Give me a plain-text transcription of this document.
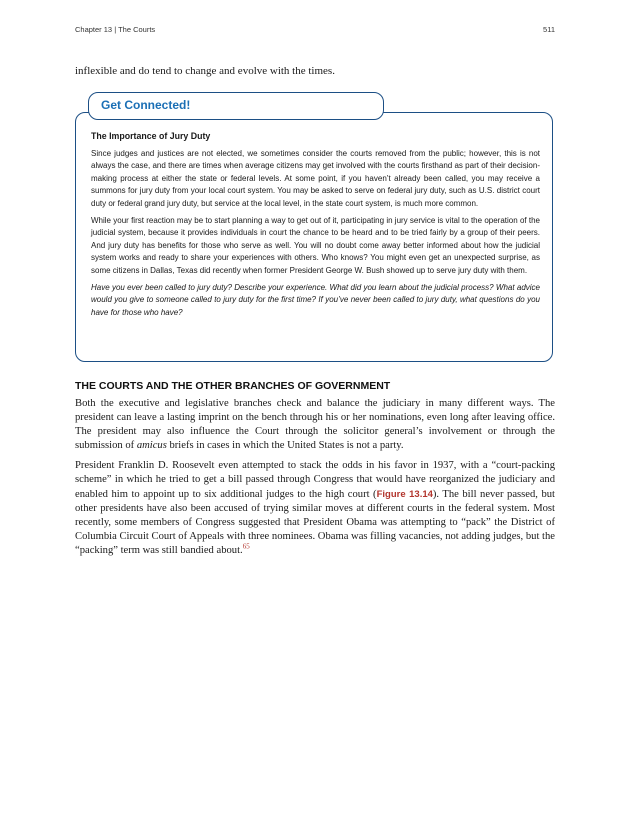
Chapter 13 | The Courts	511
inflexible and do tend to change and evolve with the times.
Get Connected!
The Importance of Jury Duty

Since judges and justices are not elected, we sometimes consider the courts removed from the public; however, this is not always the case, and there are times when average citizens may get involved with the courts firsthand as part of their decision-making process at either the state or federal levels. At some point, if you haven’t already been called, you may receive a summons for jury duty from your local court system. You may be asked to serve on federal jury duty, such as U.S. district court duty or federal grand jury duty, but service at the local level, in the state court system, is much more common.

While your first reaction may be to start planning a way to get out of it, participating in jury service is vital to the operation of the judicial system, because it provides individuals in court the chance to be heard and to be tried fairly by a group of their peers. And jury duty has benefits for those who serve as well. You will no doubt come away better informed about how the judicial system works and ready to share your experiences with others. Who knows? You might even get an unexpected surprise, as some citizens in Dallas, Texas did recently when former President George W. Bush showed up to serve jury duty with them.

Have you ever been called to jury duty? Describe your experience. What did you learn about the judicial process? What advice would you give to someone called to jury duty for the first time? If you’ve never been called to jury duty, what questions do you have for those who have?

THE COURTS AND THE OTHER BRANCHES OF GOVERNMENT

Both the executive and legislative branches check and balance the judiciary in many different ways. The president can leave a lasting imprint on the bench through his or her nominations, even long after leaving office. The president may also influence the Court through the solicitor general’s involvement or through the submission of amicus briefs in cases in which the United States is not a party.

President Franklin D. Roosevelt even attempted to stack the odds in his favor in 1937, with a “court-packing scheme” in which he tried to get a bill passed through Congress that would have reorganized the judiciary and enabled him to appoint up to six additional judges to the high court (Figure 13.14). The bill never passed, but other presidents have also been accused of trying similar moves at different courts in the federal system. Most recently, some members of Congress suggested that President Obama was attempting to “pack” the District of Columbia Circuit Court of Appeals with three nominees. Obama was filling vacancies, not adding judges, but the “packing” term was still bandied about.$^{65}$
